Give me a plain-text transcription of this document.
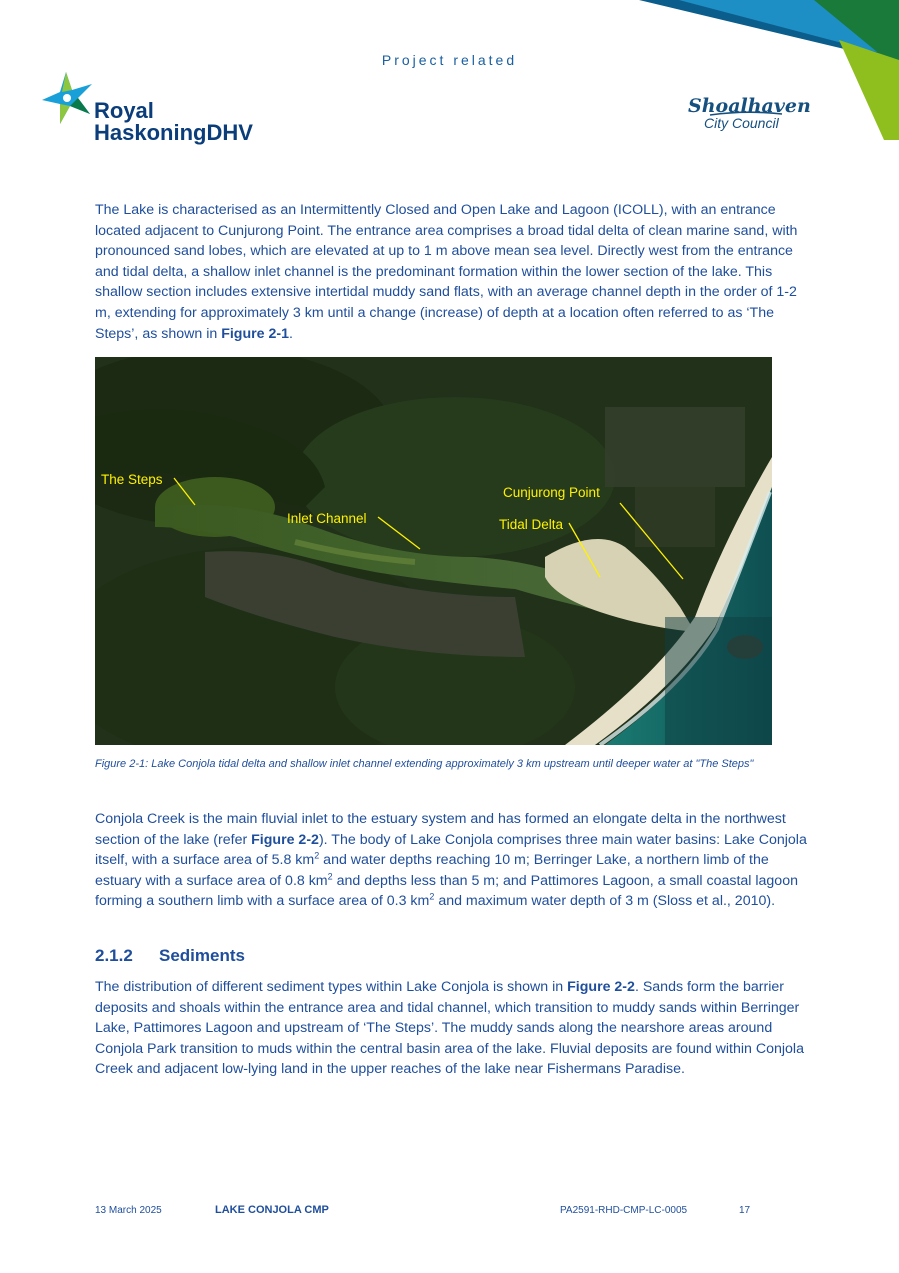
Project related
Royal
HaskoningDHV
Shoalhaven
City Council
The Lake is characterised as an Intermittently Closed and Open Lake and Lagoon (ICOLL), with an entrance located adjacent to Cunjurong Point. The entrance area comprises a broad tidal delta of clean marine sand, with pronounced sand lobes, which are elevated at up to 1 m above mean sea level. Directly west from the entrance and tidal delta, a shallow inlet channel is the predominant formation within the lower section of the lake. This shallow section includes extensive intertidal muddy sand flats, with an average channel depth in the order of 1-2 m, extending for approximately 3 km until a change (increase) of depth at a location often referred to as ‘The Steps’, as shown in Figure 2-1.
The Steps
Inlet Channel
Cunjurong Point
Tidal Delta
Figure 2-1: Lake Conjola tidal delta and shallow inlet channel extending approximately 3 km upstream until deeper water at "The Steps"
Conjola Creek is the main fluvial inlet to the estuary system and has formed an elongate delta in the northwest section of the lake (refer Figure 2-2). The body of Lake Conjola comprises three main water basins: Lake Conjola itself, with a surface area of 5.8 $km^2$ and water depths reaching 10 m; Berringer Lake, a northern limb of the estuary with a surface area of 0.8 $km^2$ and depths less than 5 m; and Pattimores Lagoon, a small coastal lagoon forming a southern limb with a surface area of 0.3 $km^2$ and maximum water depth of 3 m (Sloss et al., 2010).
2.1.2 Sediments
The distribution of different sediment types within Lake Conjola is shown in Figure 2-2. Sands form the barrier deposits and shoals within the entrance area and tidal channel, which transition to muddy sands within Berringer Lake, Pattimores Lagoon and upstream of ‘The Steps’. The muddy sands along the nearshore areas around Conjola Park transition to muds within the central basin area of the lake. Fluvial deposits are found within Conjola Creek and adjacent low-lying land in the upper reaches of the lake near Fishermans Paradise.
13 March 2025	LAKE CONJOLA CMP	PA2591-RHD-CMP-LC-0005	17
